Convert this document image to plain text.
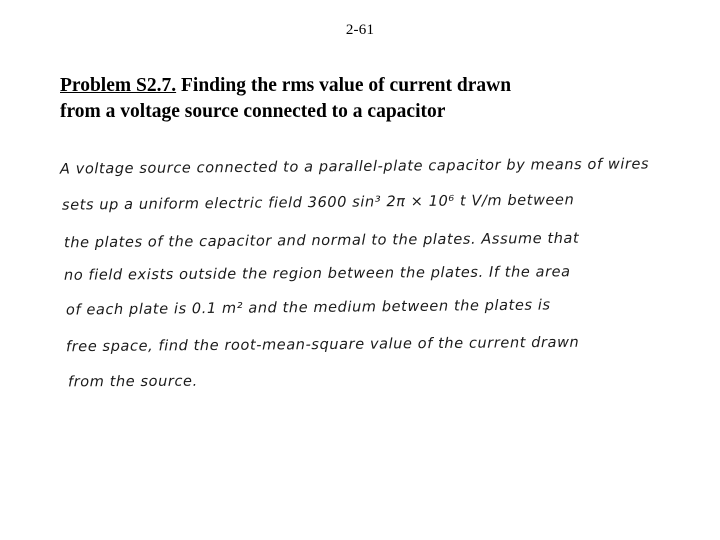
2-61
Problem S2.7. Finding the rms value of current drawn
from a voltage source connected to a capacitor
A voltage source connected to a parallel-plate capacitor by means of wires
sets up a uniform electric field 3600 sin³ 2π × 10⁶ t V/m between
the plates of the capacitor and normal to the plates. Assume that
no field exists outside the region between the plates. If the area
of each plate is 0.1 m² and the medium between the plates is
free space, find the root-mean-square value of the current drawn
from the source.
